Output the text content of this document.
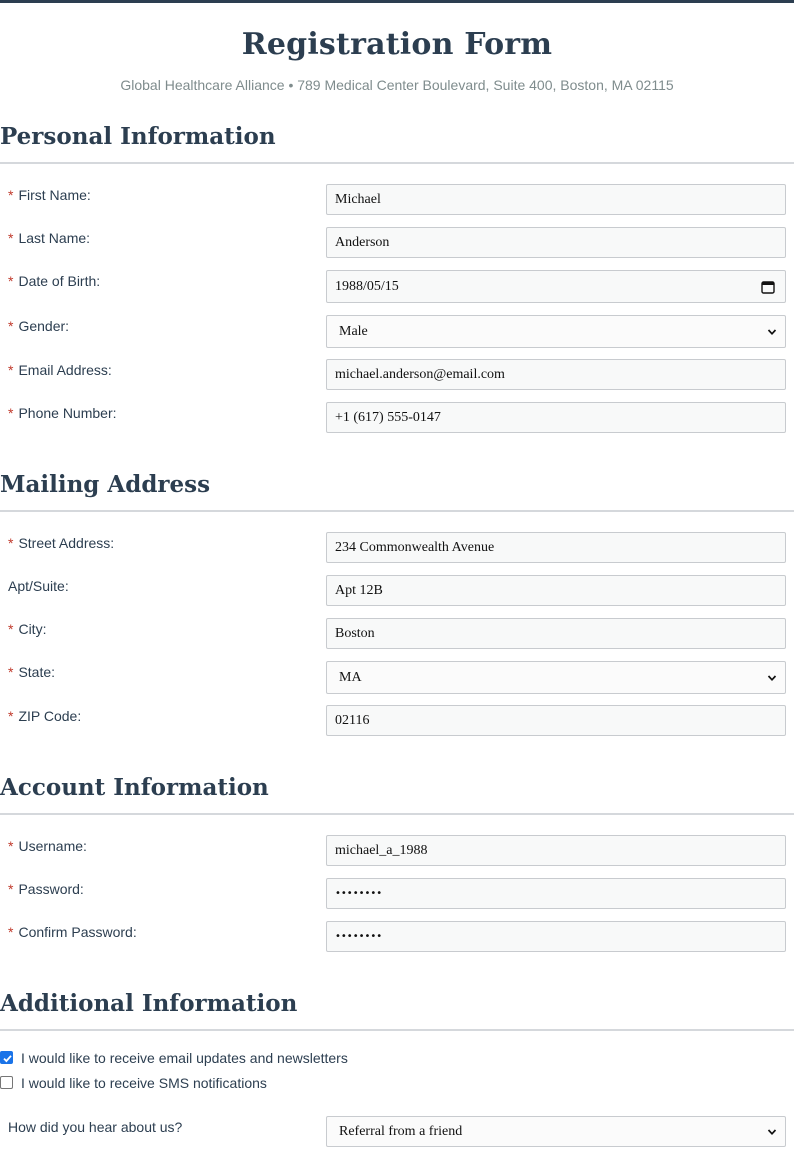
Registration Form
Global Healthcare Alliance • 789 Medical Center Boulevard, Suite 400, Boston, MA 02115
Personal Information
* First Name:	Michael
* Last Name:	Anderson
* Date of Birth:	1988/05/15
* Gender:	Male
* Email Address:	michael.anderson@email.com
* Phone Number:	+1 (617) 555-0147
Mailing Address
* Street Address:	234 Commonwealth Avenue
Apt/Suite:	Apt 12B
* City:	Boston
* State:	MA
* ZIP Code:	02116
Account Information
* Username:	michael_a_1988
* Password:	••••••••
* Confirm Password:	••••••••
Additional Information
I would like to receive email updates and newsletters
I would like to receive SMS notifications
How did you hear about us?	Referral from a friend
